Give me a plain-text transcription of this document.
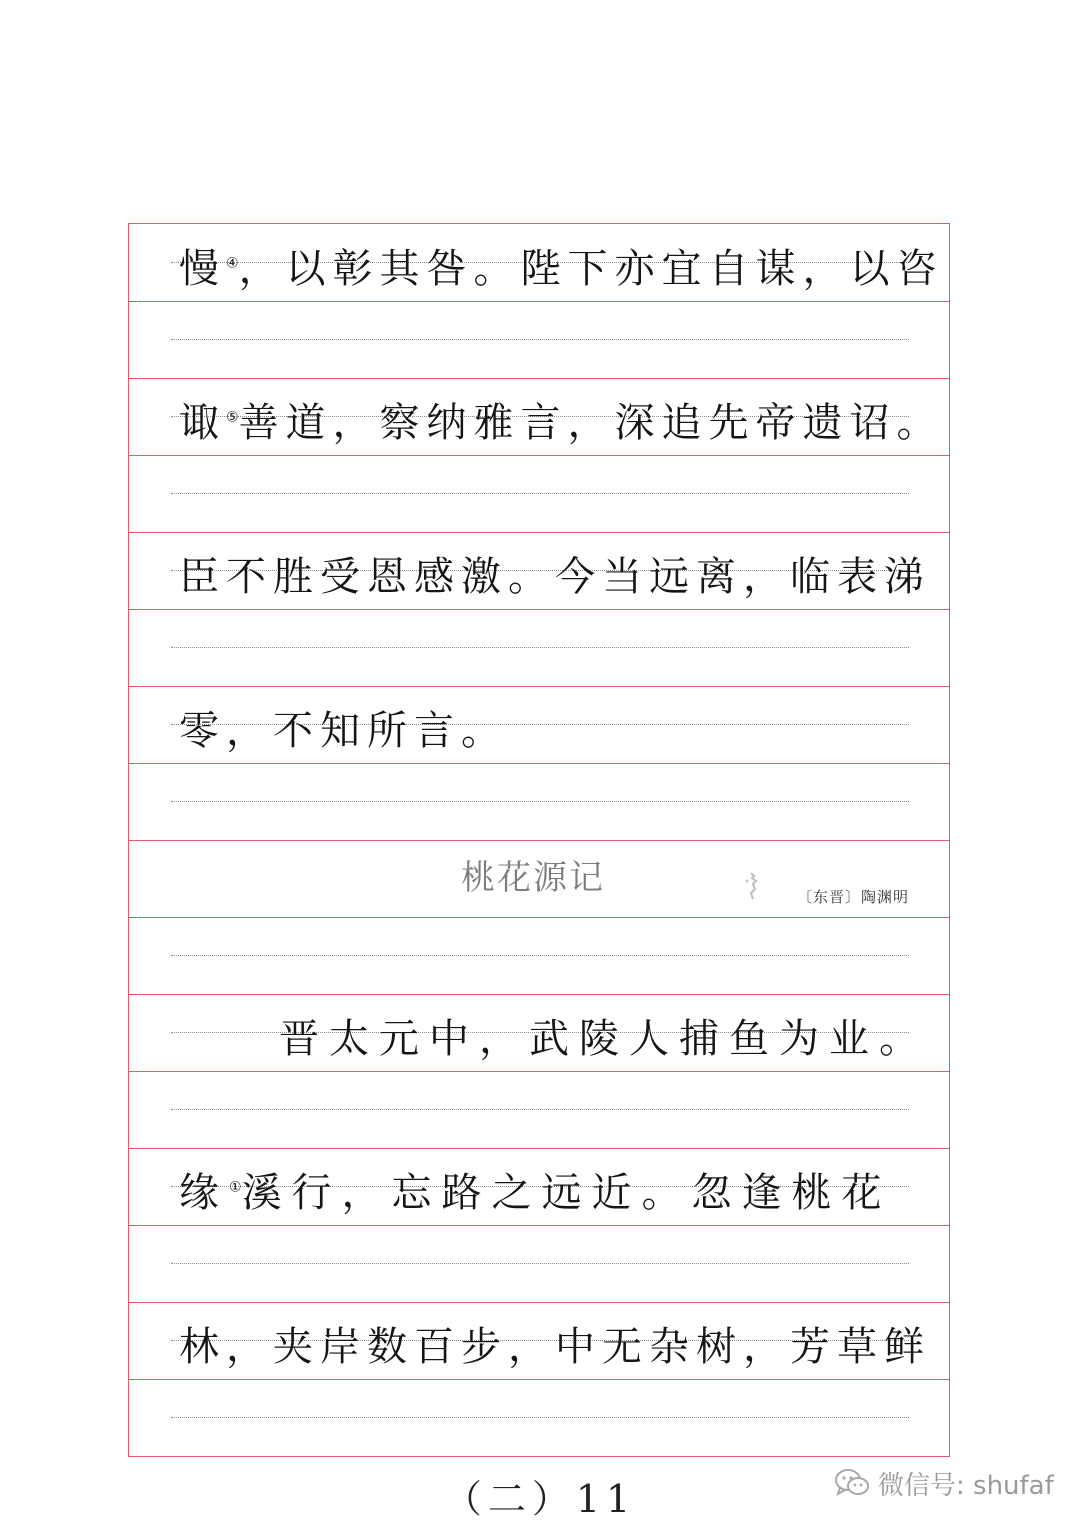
慢④，以彰其咎。陛下亦宜自谋，以咨
诹⑤善道，察纳雅言，深追先帝遗诏。
臣不胜受恩感激。今当远离，临表涕
零，不知所言。
桃花源记	〔东晋〕陶渊明
晋太元中，武陵人捕鱼为业。
缘①溪行，忘路之远近。忽逢桃花
林，夹岸数百步，中无杂树，芳草鲜
（二）11	微信号: shufaf
